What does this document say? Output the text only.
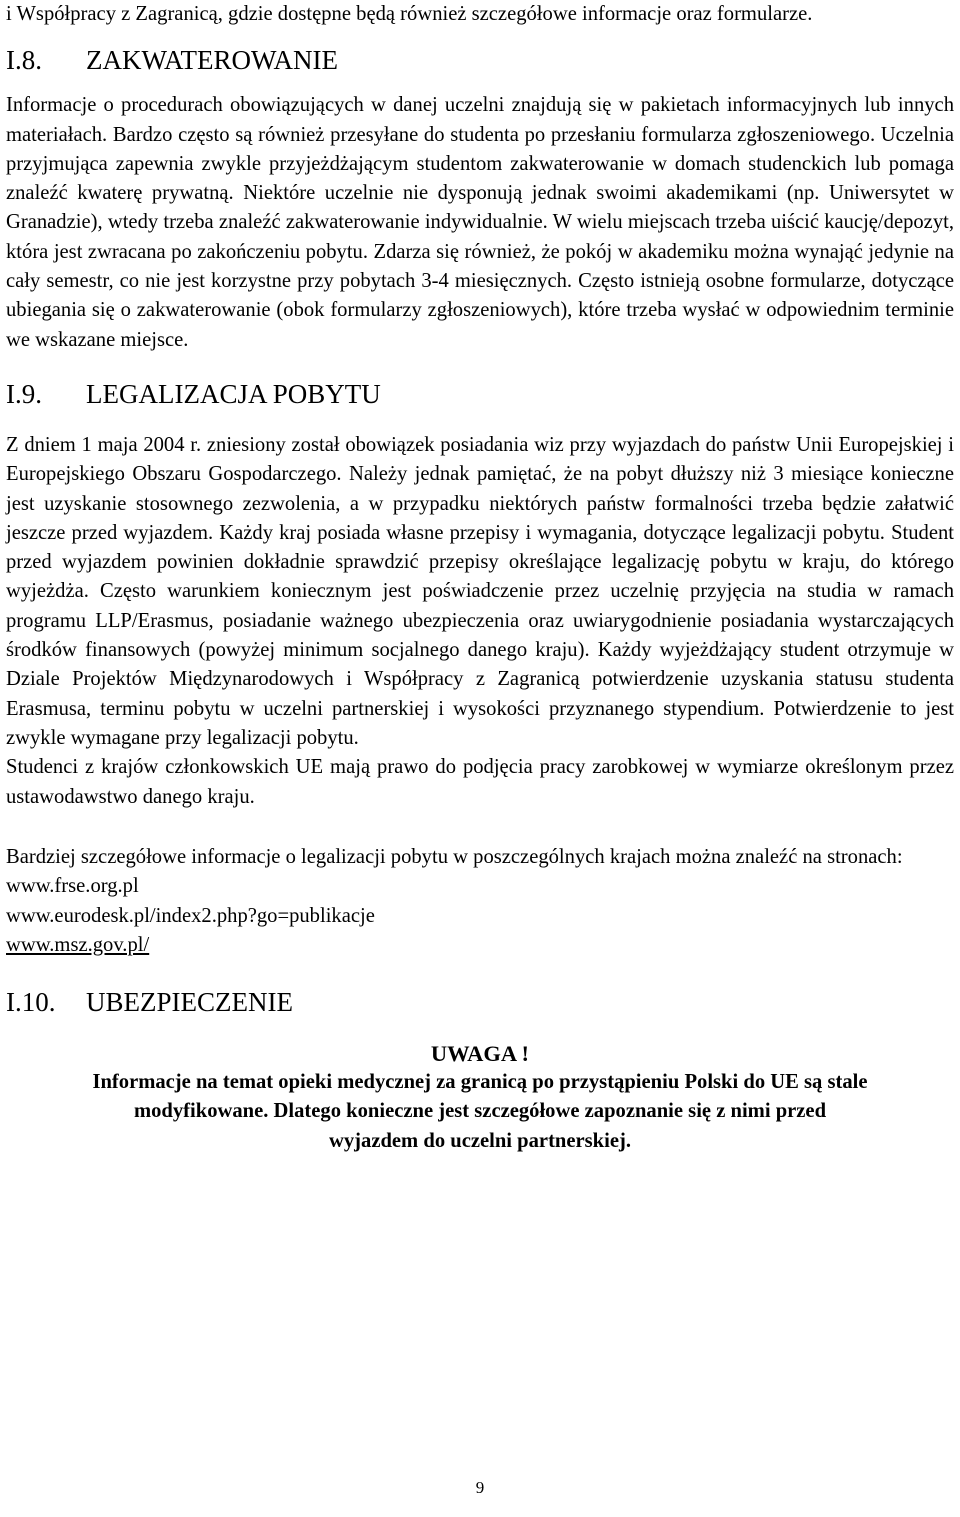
i Współpracy z Zagranicą, gdzie dostępne będą również szczegółowe informacje oraz formularze.

I.8.	ZAKWATEROWANIE

Informacje o procedurach obowiązujących w danej uczelni znajdują się w pakietach informacyjnych lub innych materiałach. Bardzo często są również przesyłane do studenta po przesłaniu formularza zgłoszeniowego. Uczelnia przyjmująca zapewnia zwykle przyjeżdżającym studentom zakwaterowanie w domach studenckich lub pomaga znaleźć kwaterę prywatną. Niektóre uczelnie nie dysponują jednak swoimi akademikami (np. Uniwersytet w Granadzie), wtedy trzeba znaleźć zakwaterowanie indywidualnie. W wielu miejscach trzeba uiścić kaucję/depozyt, która jest zwracana po zakończeniu pobytu. Zdarza się również, że pokój w akademiku można wynająć jedynie na cały semestr, co nie jest korzystne przy pobytach 3-4 miesięcznych. Często istnieją osobne formularze, dotyczące ubiegania się o zakwaterowanie (obok formularzy zgłoszeniowych), które trzeba wysłać w odpowiednim terminie we wskazane miejsce.

I.9.	LEGALIZACJA POBYTU

Z dniem 1 maja 2004 r. zniesiony został obowiązek posiadania wiz przy wyjazdach do państw Unii Europejskiej i Europejskiego Obszaru Gospodarczego. Należy jednak pamiętać, że na pobyt dłuższy niż 3 miesiące konieczne jest uzyskanie stosownego zezwolenia, a w przypadku niektórych państw formalności trzeba będzie załatwić jeszcze przed wyjazdem. Każdy kraj posiada własne przepisy i wymagania, dotyczące legalizacji pobytu. Student przed wyjazdem powinien dokładnie sprawdzić przepisy określające legalizację pobytu w kraju, do którego wyjeżdża. Często warunkiem koniecznym jest poświadczenie przez uczelnię przyjęcia na studia w ramach programu LLP/Erasmus, posiadanie ważnego ubezpieczenia oraz uwiarygodnienie posiadania wystarczających środków finansowych (powyżej minimum socjalnego danego kraju). Każdy wyjeżdżający student otrzymuje w Dziale Projektów Międzynarodowych i Współpracy z Zagranicą potwierdzenie uzyskania statusu studenta Erasmusa, terminu pobytu w uczelni partnerskiej i wysokości przyznanego stypendium. Potwierdzenie to jest zwykle wymagane przy legalizacji pobytu.

Studenci z krajów członkowskich UE mają prawo do podjęcia pracy zarobkowej w wymiarze określonym przez ustawodawstwo danego kraju.

Bardziej szczegółowe informacje o legalizacji pobytu w poszczególnych krajach można znaleźć na stronach:

www.frse.org.pl
www.eurodesk.pl/index2.php?go=publikacje
www.msz.gov.pl/
I.10.	UBEZPIECZENIE
UWAGA !
Informacje na temat opieki medycznej za granicą po przystąpieniu Polski do UE są stale
modyfikowane. Dlatego konieczne jest szczegółowe zapoznanie się z nimi przed
wyjazdem do uczelni partnerskiej.
9
